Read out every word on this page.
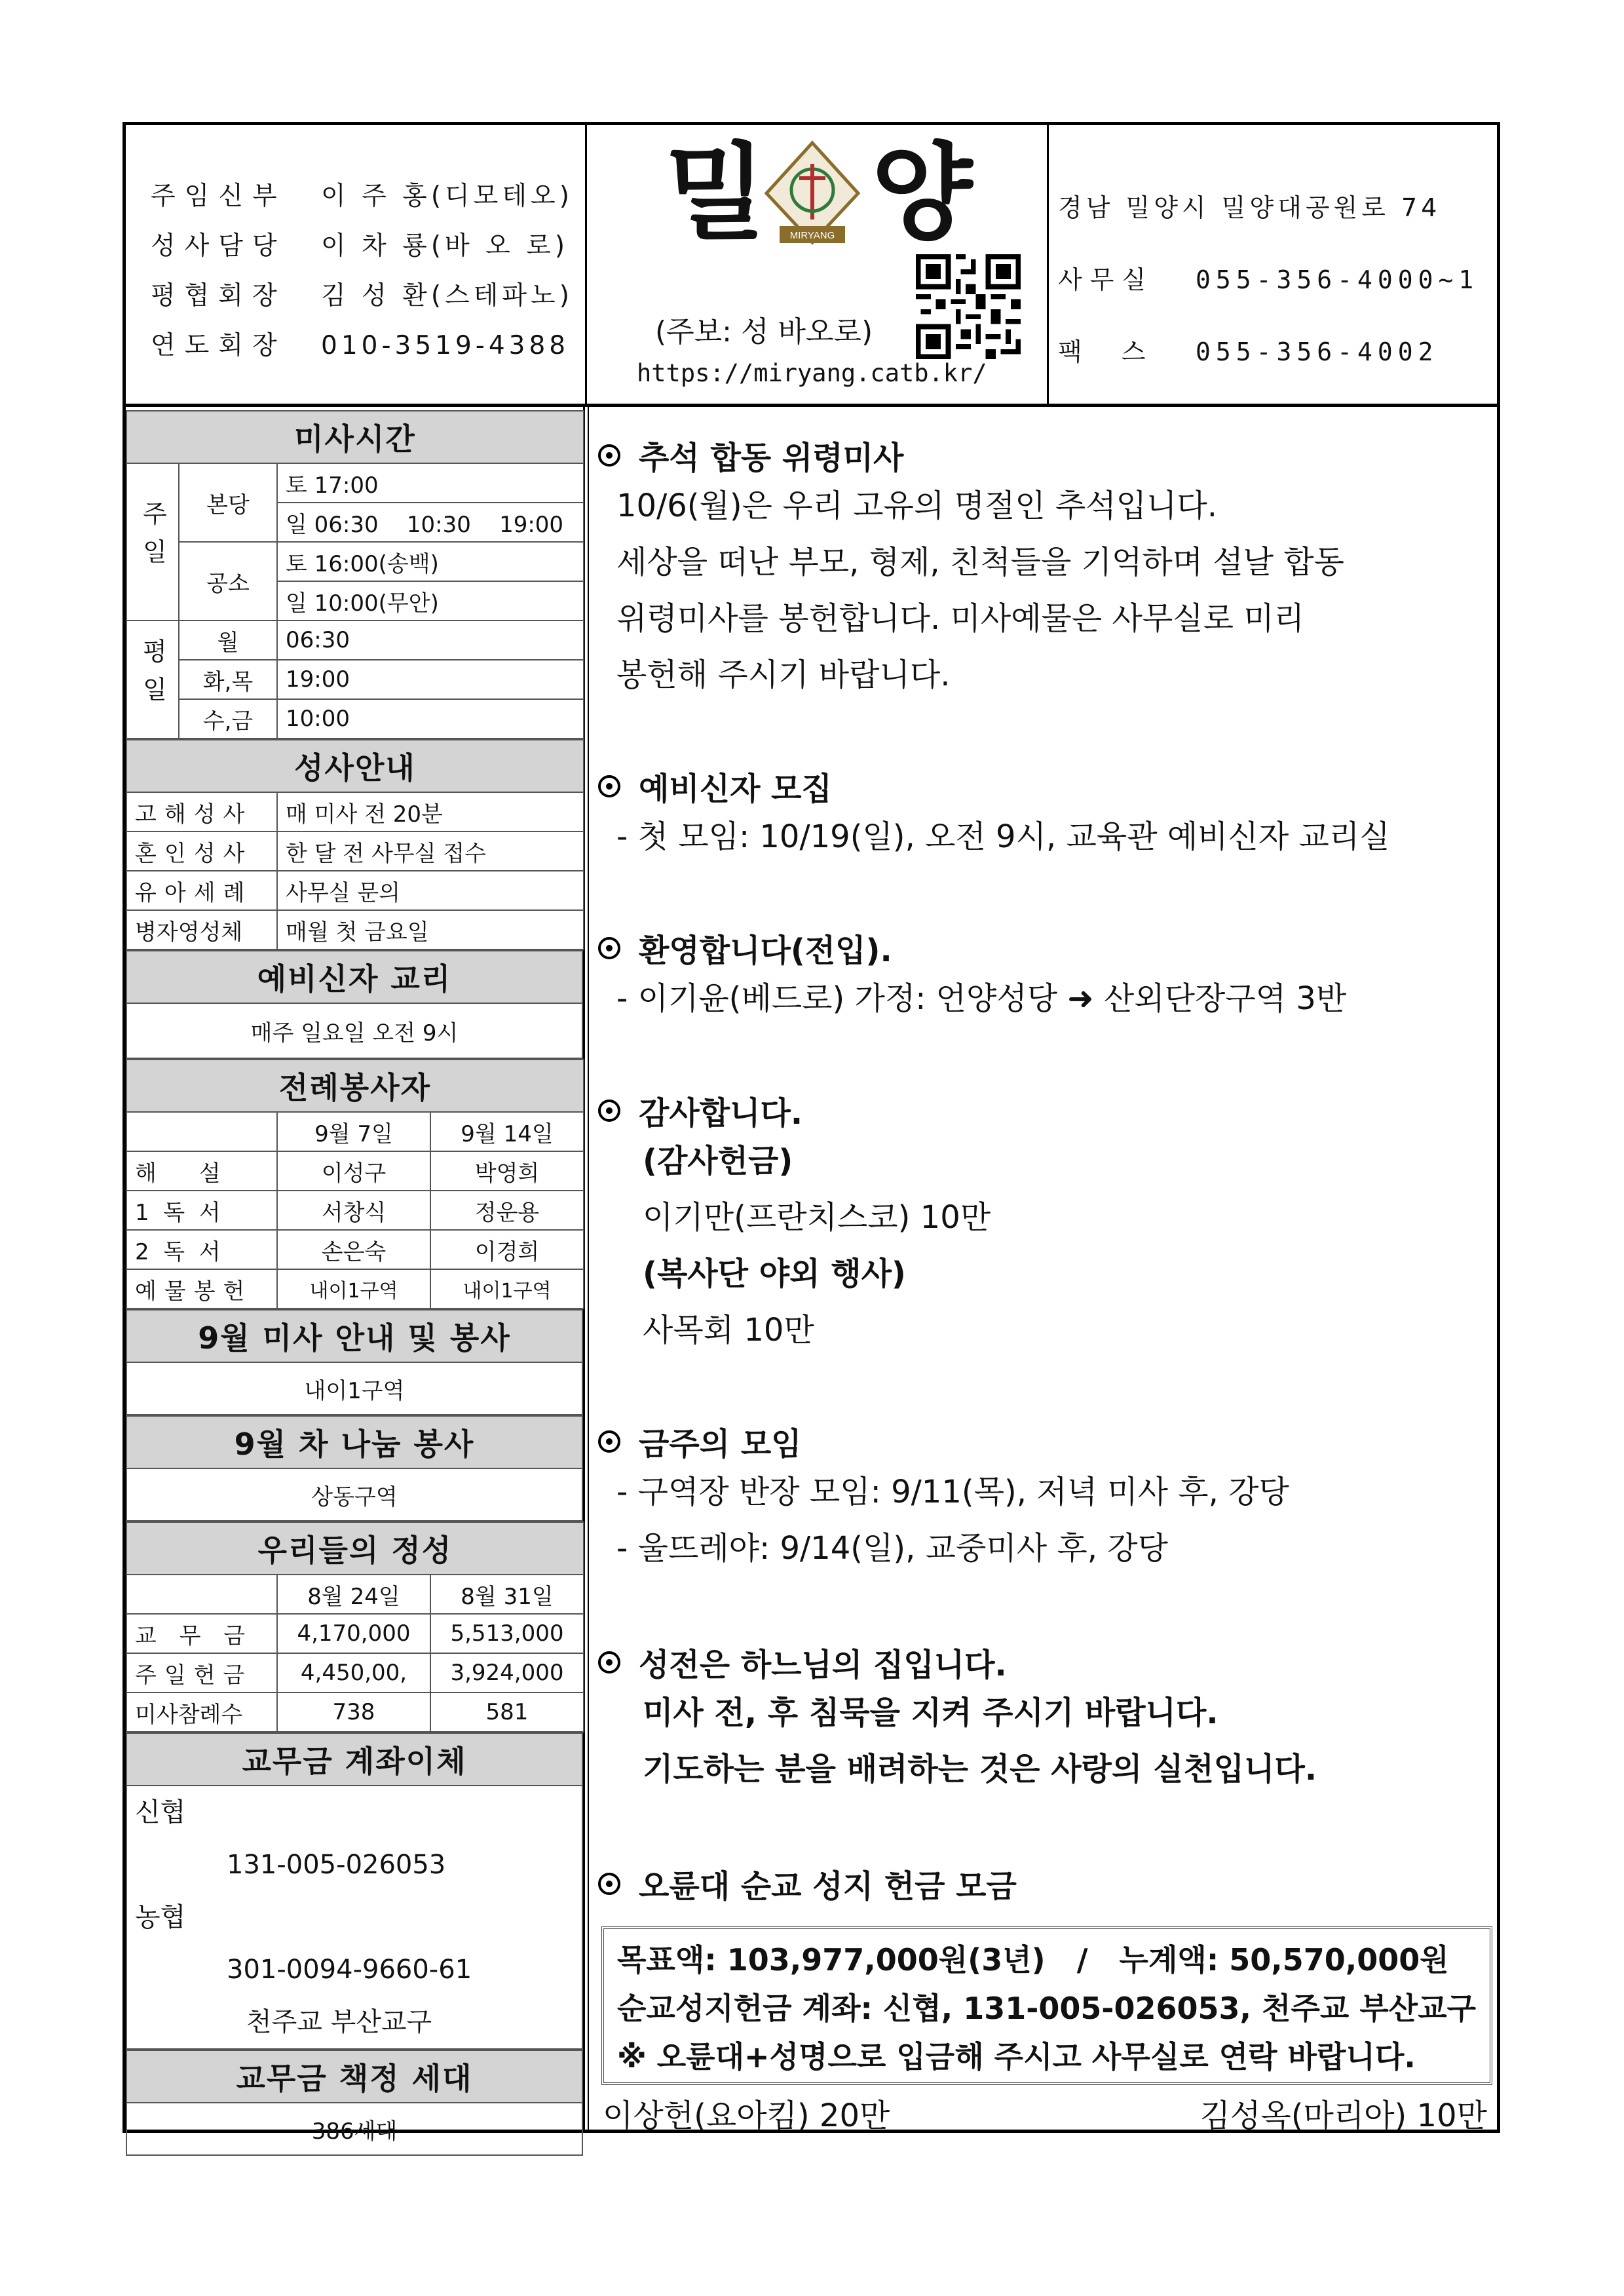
주임신부	이 주 홍(디모테오)
성사담당	이 차 룡(바 오 로)
평협회장	김 성 환(스테파노)
연도회장	010-3519-4388
밀 양
MIRYANG
(주보: 성 바오로)
https://miryang.catb.kr/
경남 밀양시 밀양대공원로 74
사무실	055-356-4000~1
팩  스	055-356-4002
미사시간		
주일	본당	토 17:00
		일 06:30    10:30    19:00
	공소	토 16:00(송백)
		일 10:00(무안)
평일	월	06:30
	화,목	19:00
	수,금	10:00
성사안내	
고해성사	매 미사 전 20분
혼인성사	한 달 전 사무실 접수
유아세례	사무실 문의
병자영성체	매월 첫 금요일
예비신자 교리
매주 일요일 오전 9시
전례봉사자		
	9월 7일	9월 14일
해      설	이성구	박영희
1  독  서	서창식	정운용
2  독  서	손은숙	이경희
예물봉헌	내이1구역	내이1구역
9월 미사 안내 및 봉사
내이1구역
9월 차 나눔 봉사
상동구역
우리들의 정성		
	8월 24일	8월 31일
교 무 금	4,170,000	5,513,000
주일헌금	4,450,00,	3,924,000
미사참례수	738	581
교무금 계좌이체

신협
131-005-026053
농협
301-0094-9660-61
천주교 부산교구
교무금 책정 세대
386세대
추석 합동 위령미사
10/6(월)은 우리 고유의 명절인 추석입니다.
세상을 떠난 부모, 형제, 친척들을 기억하며 설날 합동
위령미사를 봉헌합니다. 미사예물은 사무실로 미리
봉헌해 주시기 바랍니다.
예비신자 모집
- 첫 모임: 10/19(일), 오전 9시, 교육관 예비신자 교리실
환영합니다(전입).
- 이기윤(베드로) 가정: 언양성당 ➜ 산외단장구역 3반
감사합니다.
(감사헌금)
이기만(프란치스코) 10만
(복사단 야외 행사)
사목회 10만
금주의 모임
- 구역장 반장 모임: 9/11(목), 저녁 미사 후, 강당
- 울뜨레야: 9/14(일), 교중미사 후, 강당
성전은 하느님의 집입니다.
미사 전, 후 침묵을 지켜 주시기 바랍니다.
기도하는 분을 배려하는 것은 사랑의 실천입니다.
오륜대 순교 성지 헌금 모금
목표액: 103,977,000원(3년)   /   누계액: 50,570,000원
순교성지헌금 계좌: 신협, 131-005-026053, 천주교 부산교구
※ 오륜대+성명으로 입금해 주시고 사무실로 연락 바랍니다.
이상헌(요아킴) 20만	김성옥(마리아) 10만
